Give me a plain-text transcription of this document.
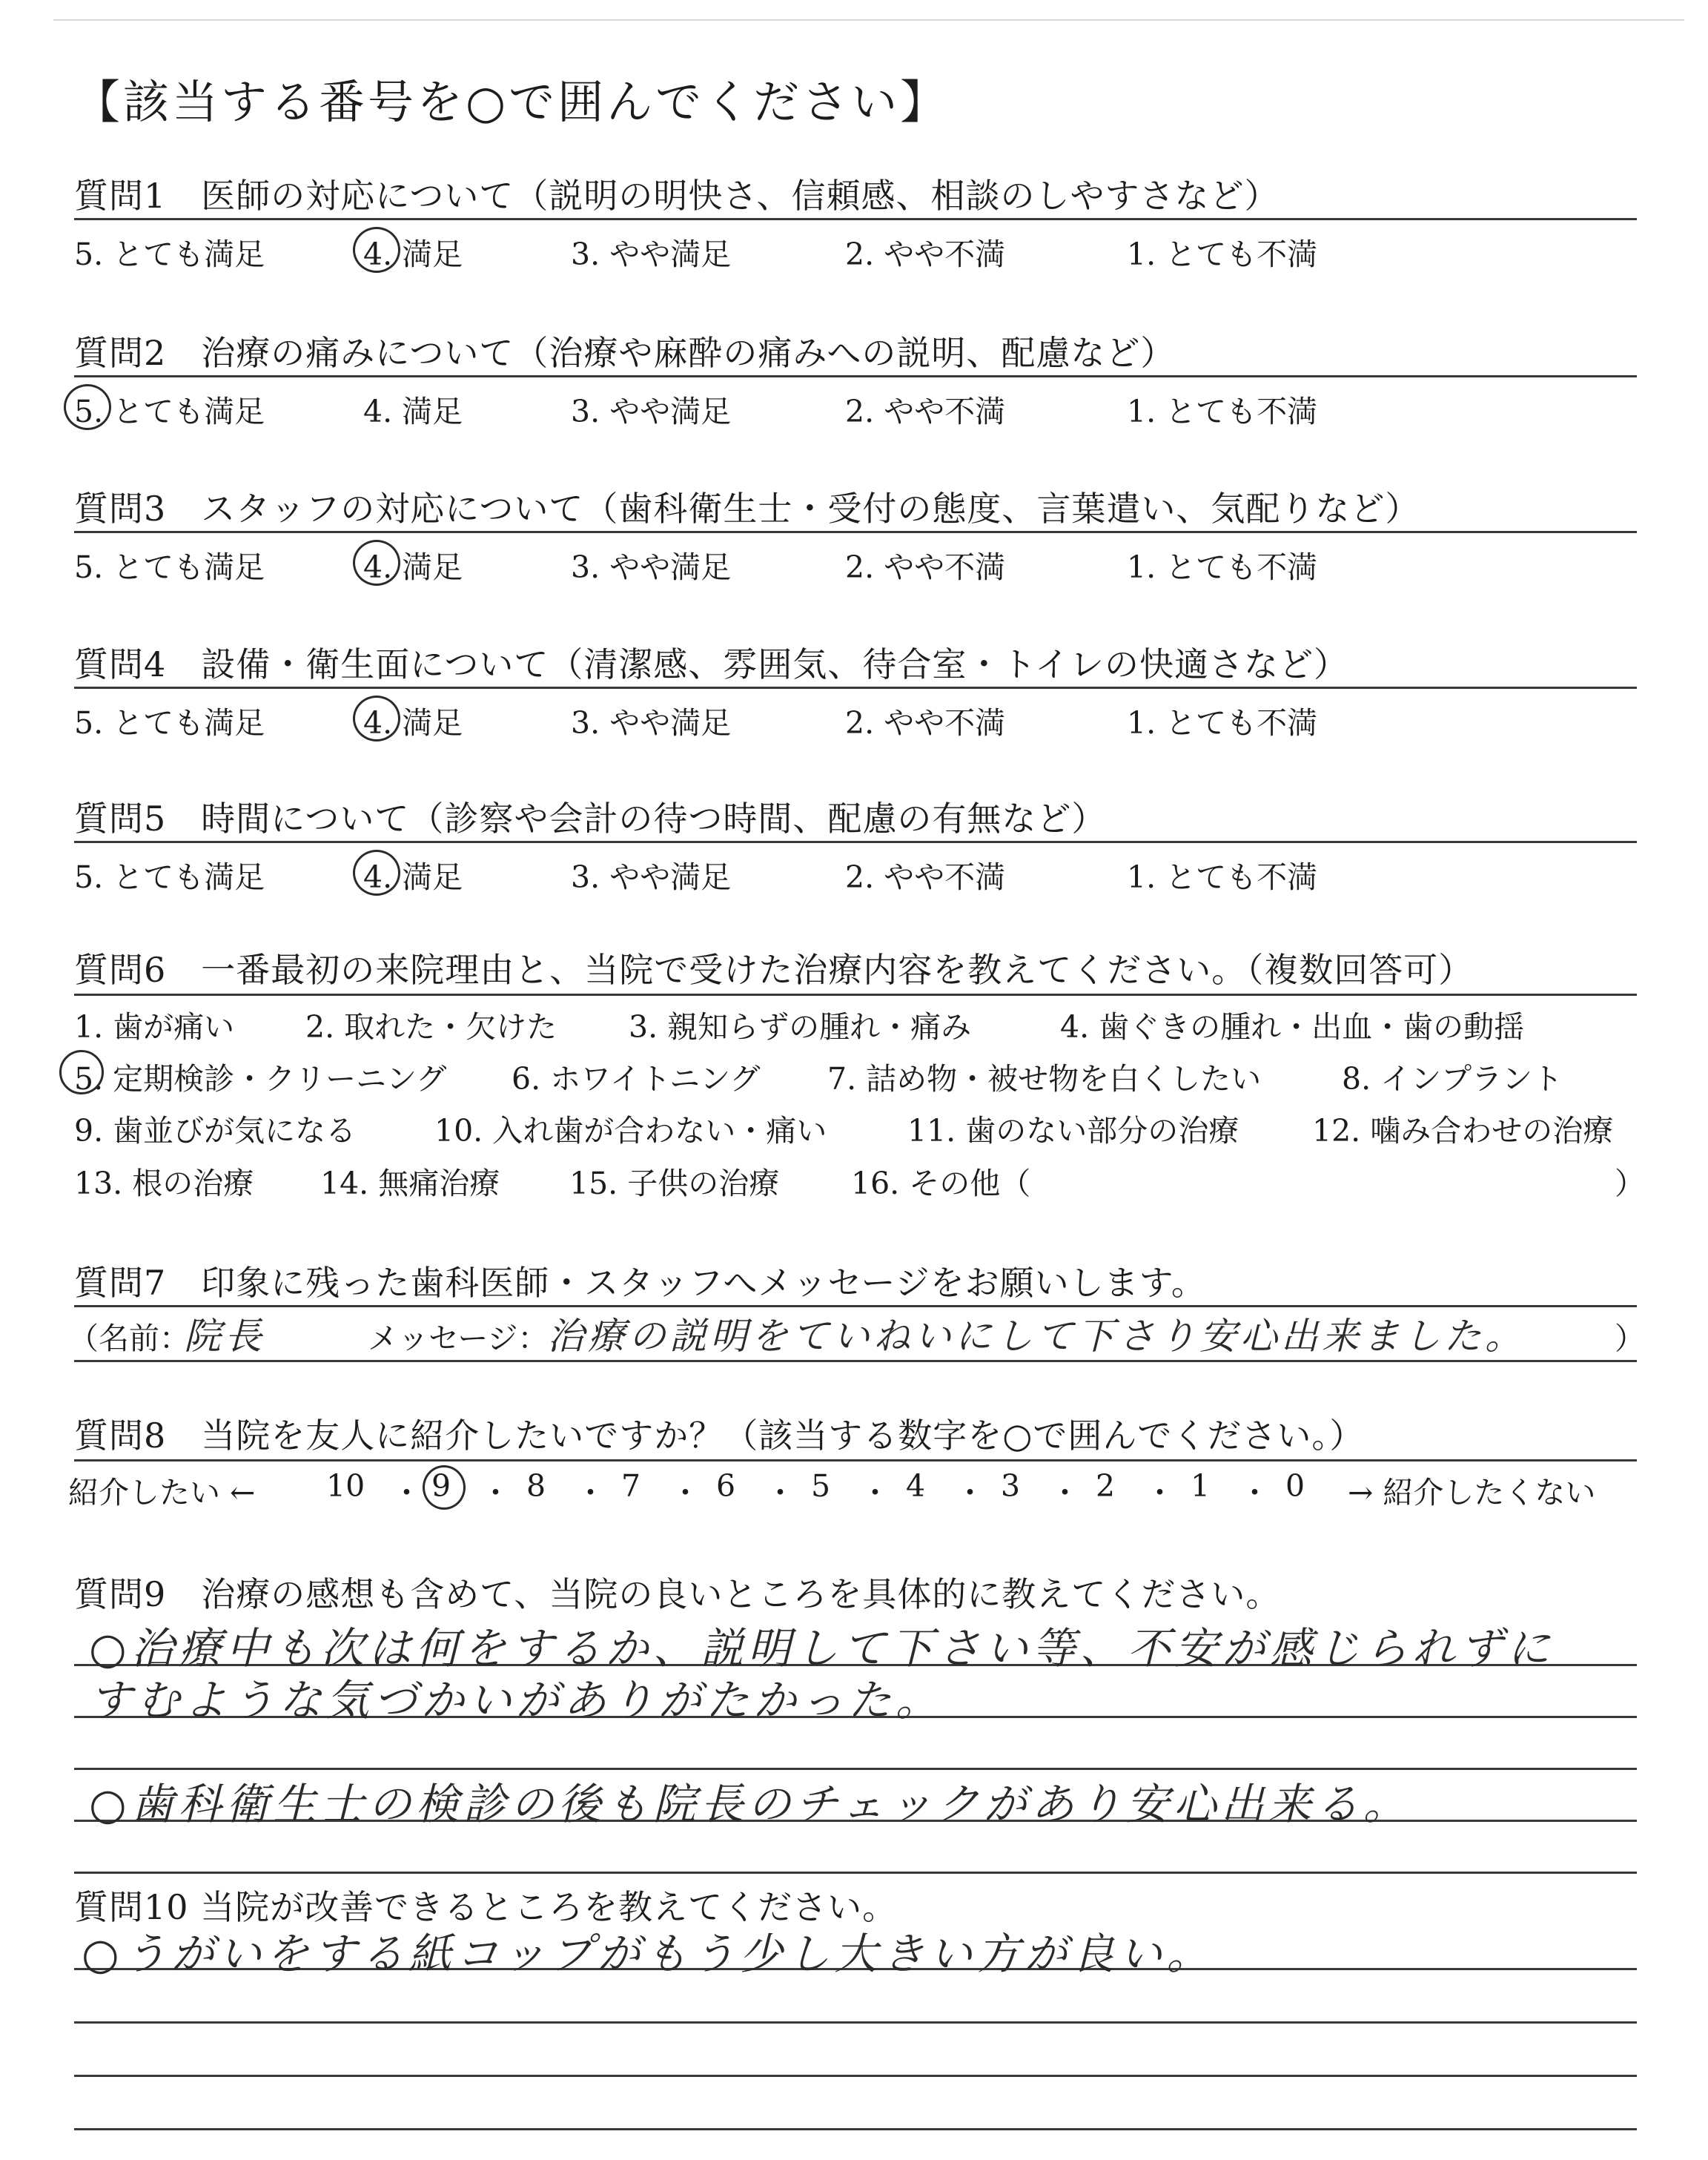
【該当する番号を○で囲んでください】
質問1　医師の対応について（説明の明快さ、信頼感、相談のしやすさなど）
5. とても満足	4. 満足	3. やや満足	2. やや不満	1. とても不満
質問2　治療の痛みについて（治療や麻酔の痛みへの説明、配慮など）
5. とても満足	4. 満足	3. やや満足	2. やや不満	1. とても不満
質問3　スタッフの対応について（歯科衛生士・受付の態度、言葉遣い、気配りなど）
5. とても満足	4. 満足	3. やや満足	2. やや不満	1. とても不満
質問4　設備・衛生面について（清潔感、雰囲気、待合室・トイレの快適さなど）
5. とても満足	4. 満足	3. やや満足	2. やや不満	1. とても不満
質問5　時間について（診察や会計の待つ時間、配慮の有無など）
5. とても満足	4. 満足	3. やや満足	2. やや不満	1. とても不満
質問6　一番最初の来院理由と、当院で受けた治療内容を教えてください。（複数回答可）
1. 歯が痛い 2. 取れた・欠けた 3. 親知らずの腫れ・痛み	4. 歯ぐきの腫れ・出血・歯の動揺
5. 定期検診・クリーニング 6. ホワイトニング 7. 詰め物・被せ物を白くしたい	8. インプラント
9. 歯並びが気になる	10. 入れ歯が合わない・痛い	11. 歯のない部分の治療 12. 噛み合わせの治療
13. 根の治療 14. 無痛治療 15. 子供の治療 16. その他（	）
質問7　印象に残った歯科医師・スタッフへメッセージをお願いします。
（名前：
院長	メッセージ：
治療の説明をていねいにして下さり安心出来ました。	）
質問8　当院を友人に紹介したいですか？（該当する数字を○で囲んでください。）
紹介したい ← 10 ・ 9 ・ 8 ・ 7 ・ 6 ・ 5 ・ 4 ・ 3 ・ 2 ・ 1 ・ 0 → 紹介したくない
質問9　治療の感想も含めて、当院の良いところを具体的に教えてください。
○治療中も次は何をするか、説明して下さい等、不安が感じられずに
すむような気づかいがありがたかった。
○歯科衛生士の検診の後も院長のチェックがあり安心出来る。
質問10 当院が改善できるところを教えてください。
○うがいをする紙コップがもう少し大きい方が良い。
